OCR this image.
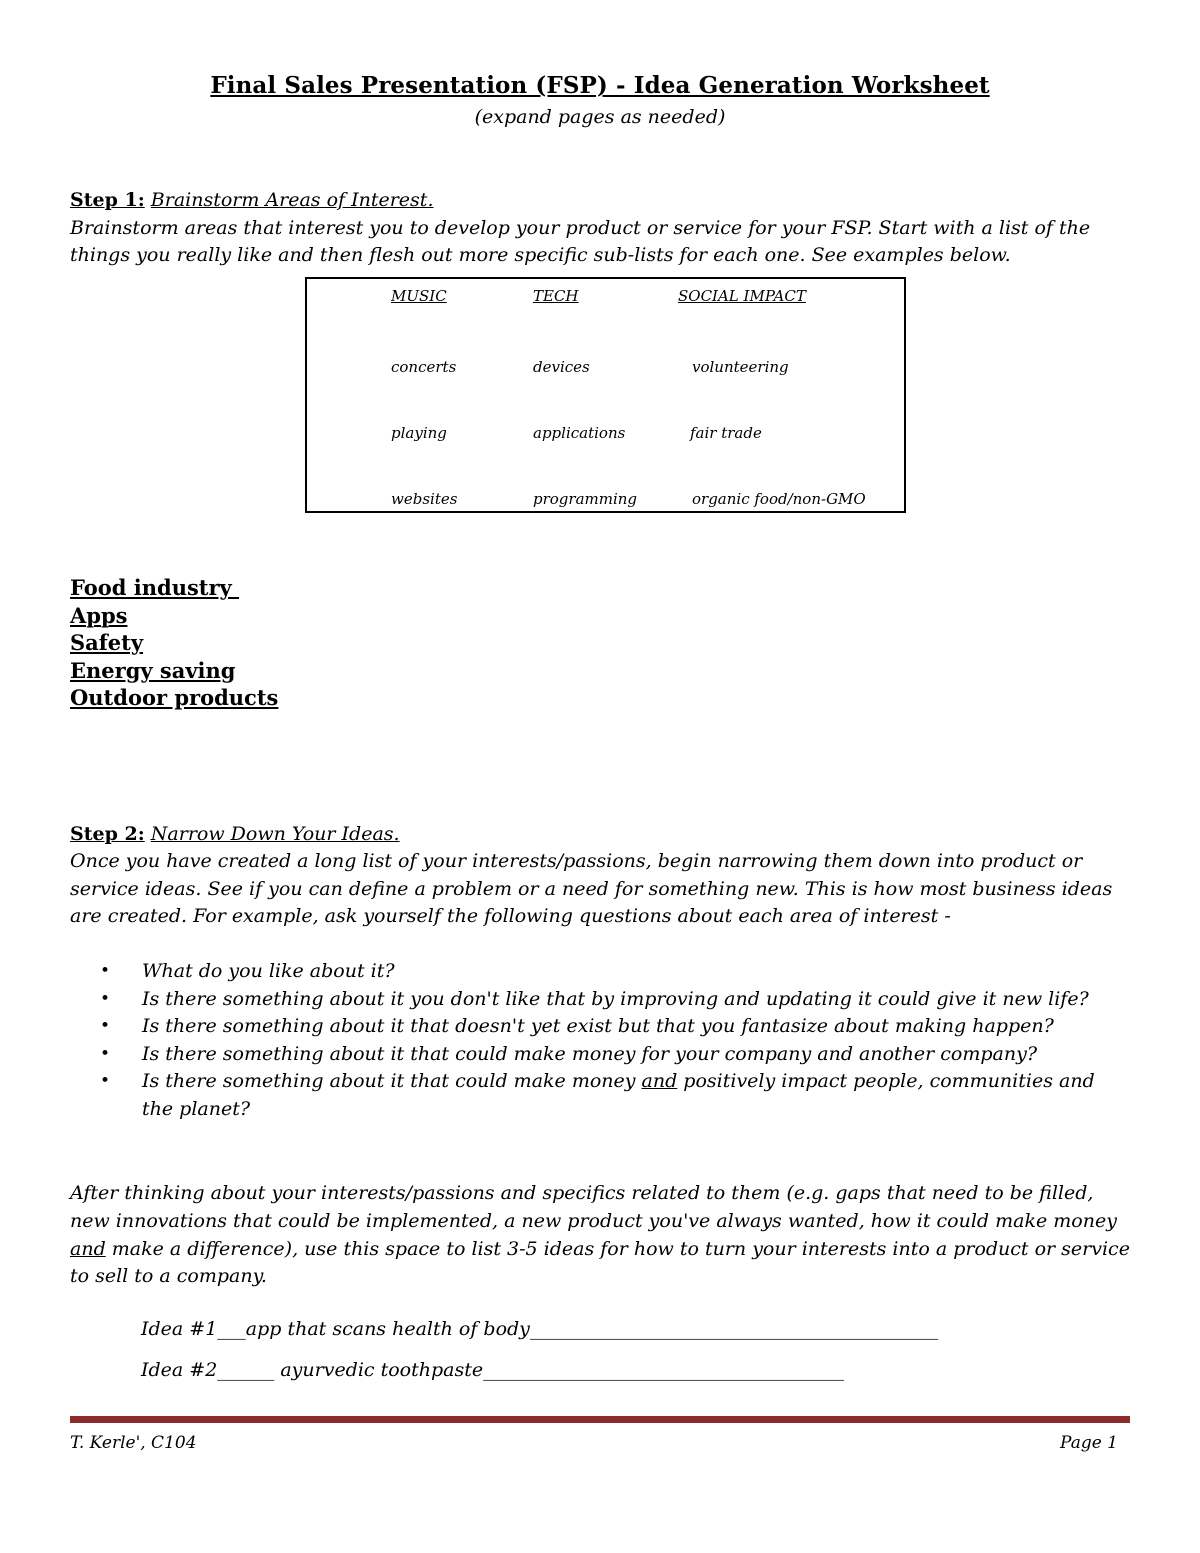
Final Sales Presentation (FSP) - Idea Generation Worksheet
(expand pages as needed)
Step 1: Brainstorm Areas of Interest.
Brainstorm areas that interest you to develop your product or service for your FSP. Start with a list of the
things you really like and then flesh out more specific sub-lists for each one. See examples below.
MUSIC	TECH	SOCIAL IMPACT
concerts	devices	volunteering
playing	applications	fair trade
websites	programming	organic food/non-GMO
Food industry
Apps
Safety
Energy saving
Outdoor products
Step 2: Narrow Down Your Ideas.
Once you have created a long list of your interests/passions, begin narrowing them down into product or
service ideas. See if you can define a problem or a need for something new. This is how most business ideas
are created. For example, ask yourself the following questions about each area of interest -
• What do you like about it?
• Is there something about it you don't like that by improving and updating it could give it new life?
• Is there something about it that doesn't yet exist but that you fantasize about making happen?
• Is there something about it that could make money for your company and another company?
• Is there something about it that could make money and positively impact people, communities and
the planet?
After thinking about your interests/passions and specifics related to them (e.g. gaps that need to be filled,
new innovations that could be implemented, a new product you've always wanted, how it could make money
and make a difference), use this space to list 3-5 ideas for how to turn your interests into a product or service
to sell to a company.
Idea #1___app that scans health of body___________________________________________
Idea #2______ ayurvedic toothpaste______________________________________
T. Kerle', C104	Page 1
